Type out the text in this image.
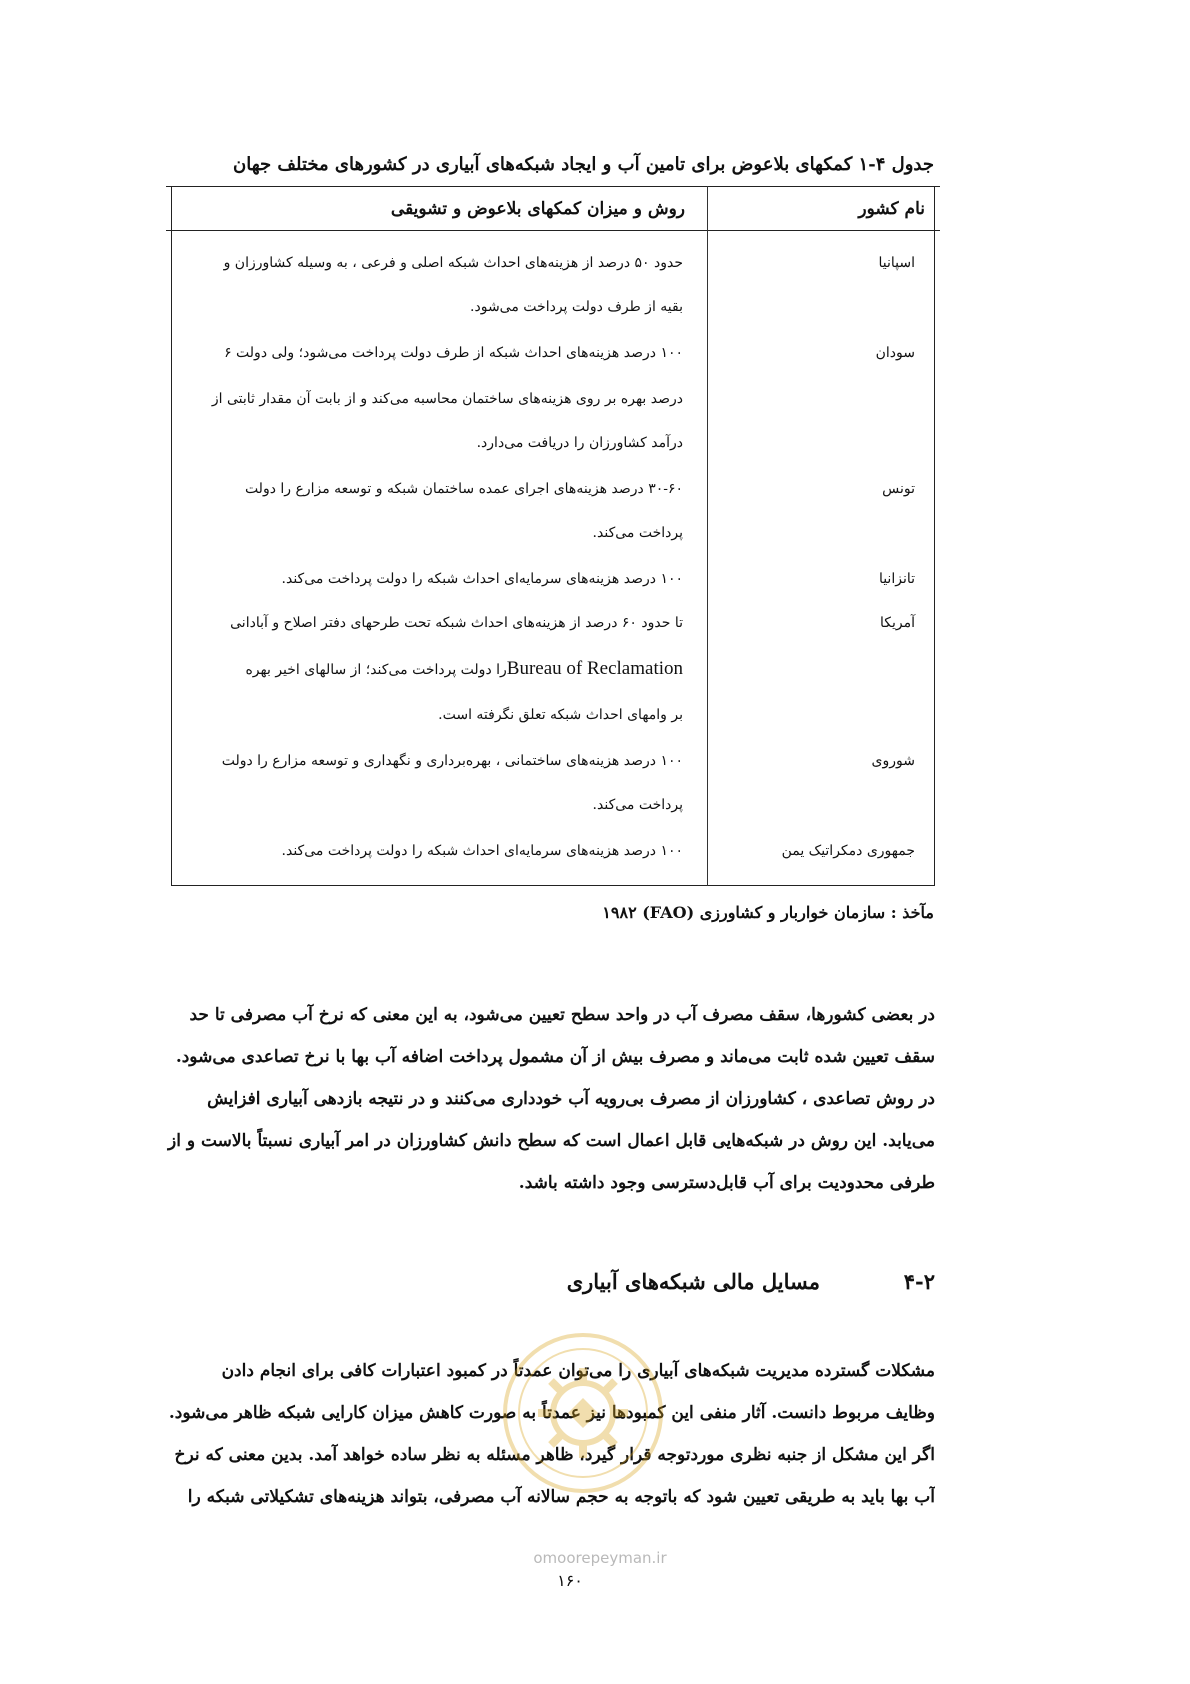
جدول ۴-۱ کمکهای بلاعوض برای تامین آب و ایجاد شبکه‌های آبیاری در کشورهای مختلف جهان
نام کشور
روش و میزان کمکهای بلاعوض و تشویقی
اسپانیا
حدود ۵۰ درصد از هزینه‌های احداث شبکه اصلی و فرعی ، به وسیله کشاورزان و
بقیه از طرف دولت پرداخت می‌شود.
سودان
۱۰۰ درصد هزینه‌های احداث شبکه از طرف دولت پرداخت می‌شود؛ ولی دولت ۶
درصد بهره بر روی هزینه‌های ساختمان محاسبه می‌کند و از بابت آن مقدار ثابتی از
درآمد کشاورزان را دریافت می‌دارد.
تونس
۳۰-۶۰ درصد هزینه‌های اجرای عمده ساختمان شبکه و توسعه مزارع را دولت
پرداخت می‌کند.
تانزانیا
۱۰۰ درصد هزینه‌های سرمایه‌ای احداث شبکه را دولت پرداخت می‌کند.
آمریکا
تا حدود ۶۰ درصد از هزینه‌های احداث شبکه تحت طرحهای دفتر اصلاح و آبادانی
Bureau of Reclamationرا دولت پرداخت می‌کند؛ از سالهای اخیر بهره
بر وامهای احداث شبکه تعلق نگرفته است.
شوروی
۱۰۰ درصد هزینه‌های ساختمانی ، بهره‌برداری و نگهداری و توسعه مزارع را دولت
پرداخت می‌کند.
جمهوری دمکراتیک یمن
۱۰۰ درصد هزینه‌های سرمایه‌ای احداث شبکه را دولت پرداخت می‌کند.
مآخذ : سازمان خواربار و کشاورزی (FAO) ۱۹۸۲
در بعضی کشورها، سقف مصرف آب در واحد سطح تعیین می‌شود، به این معنی که نرخ آب مصرفی تا حد
سقف تعیین شده ثابت می‌ماند و مصرف بیش از آن مشمول پرداخت اضافه آب بها با نرخ تصاعدی می‌شود.
در روش تصاعدی ، کشاورزان از مصرف بی‌رویه آب خودداری می‌کنند و در نتیجه بازدهی آبیاری افزایش
می‌یابد. این روش در شبکه‌هایی قابل اعمال است که سطح دانش کشاورزان در امر آبیاری نسبتاً بالاست و از
طرفی محدودیت برای آب قابل‌دسترسی وجود داشته باشد.
۴-۲
مسایل مالی شبکه‌های آبیاری
مشکلات گسترده مدیریت شبکه‌های آبیاری را می‌توان عمدتاً در کمبود اعتبارات کافی برای انجام دادن
وظایف مربوط دانست. آثار منفی این کمبودها نیز عمدتاً به صورت کاهش میزان کارایی شبکه ظاهر می‌شود.
اگر این مشکل از جنبه نظری موردتوجه قرار گیرد، ظاهر مسئله به نظر ساده خواهد آمد. بدین معنی که نرخ
آب بها باید به طریقی تعیین شود که باتوجه به حجم سالانه آب مصرفی، بتواند هزینه‌های تشکیلاتی شبکه را
omoorepeyman.ir
۱۶۰
